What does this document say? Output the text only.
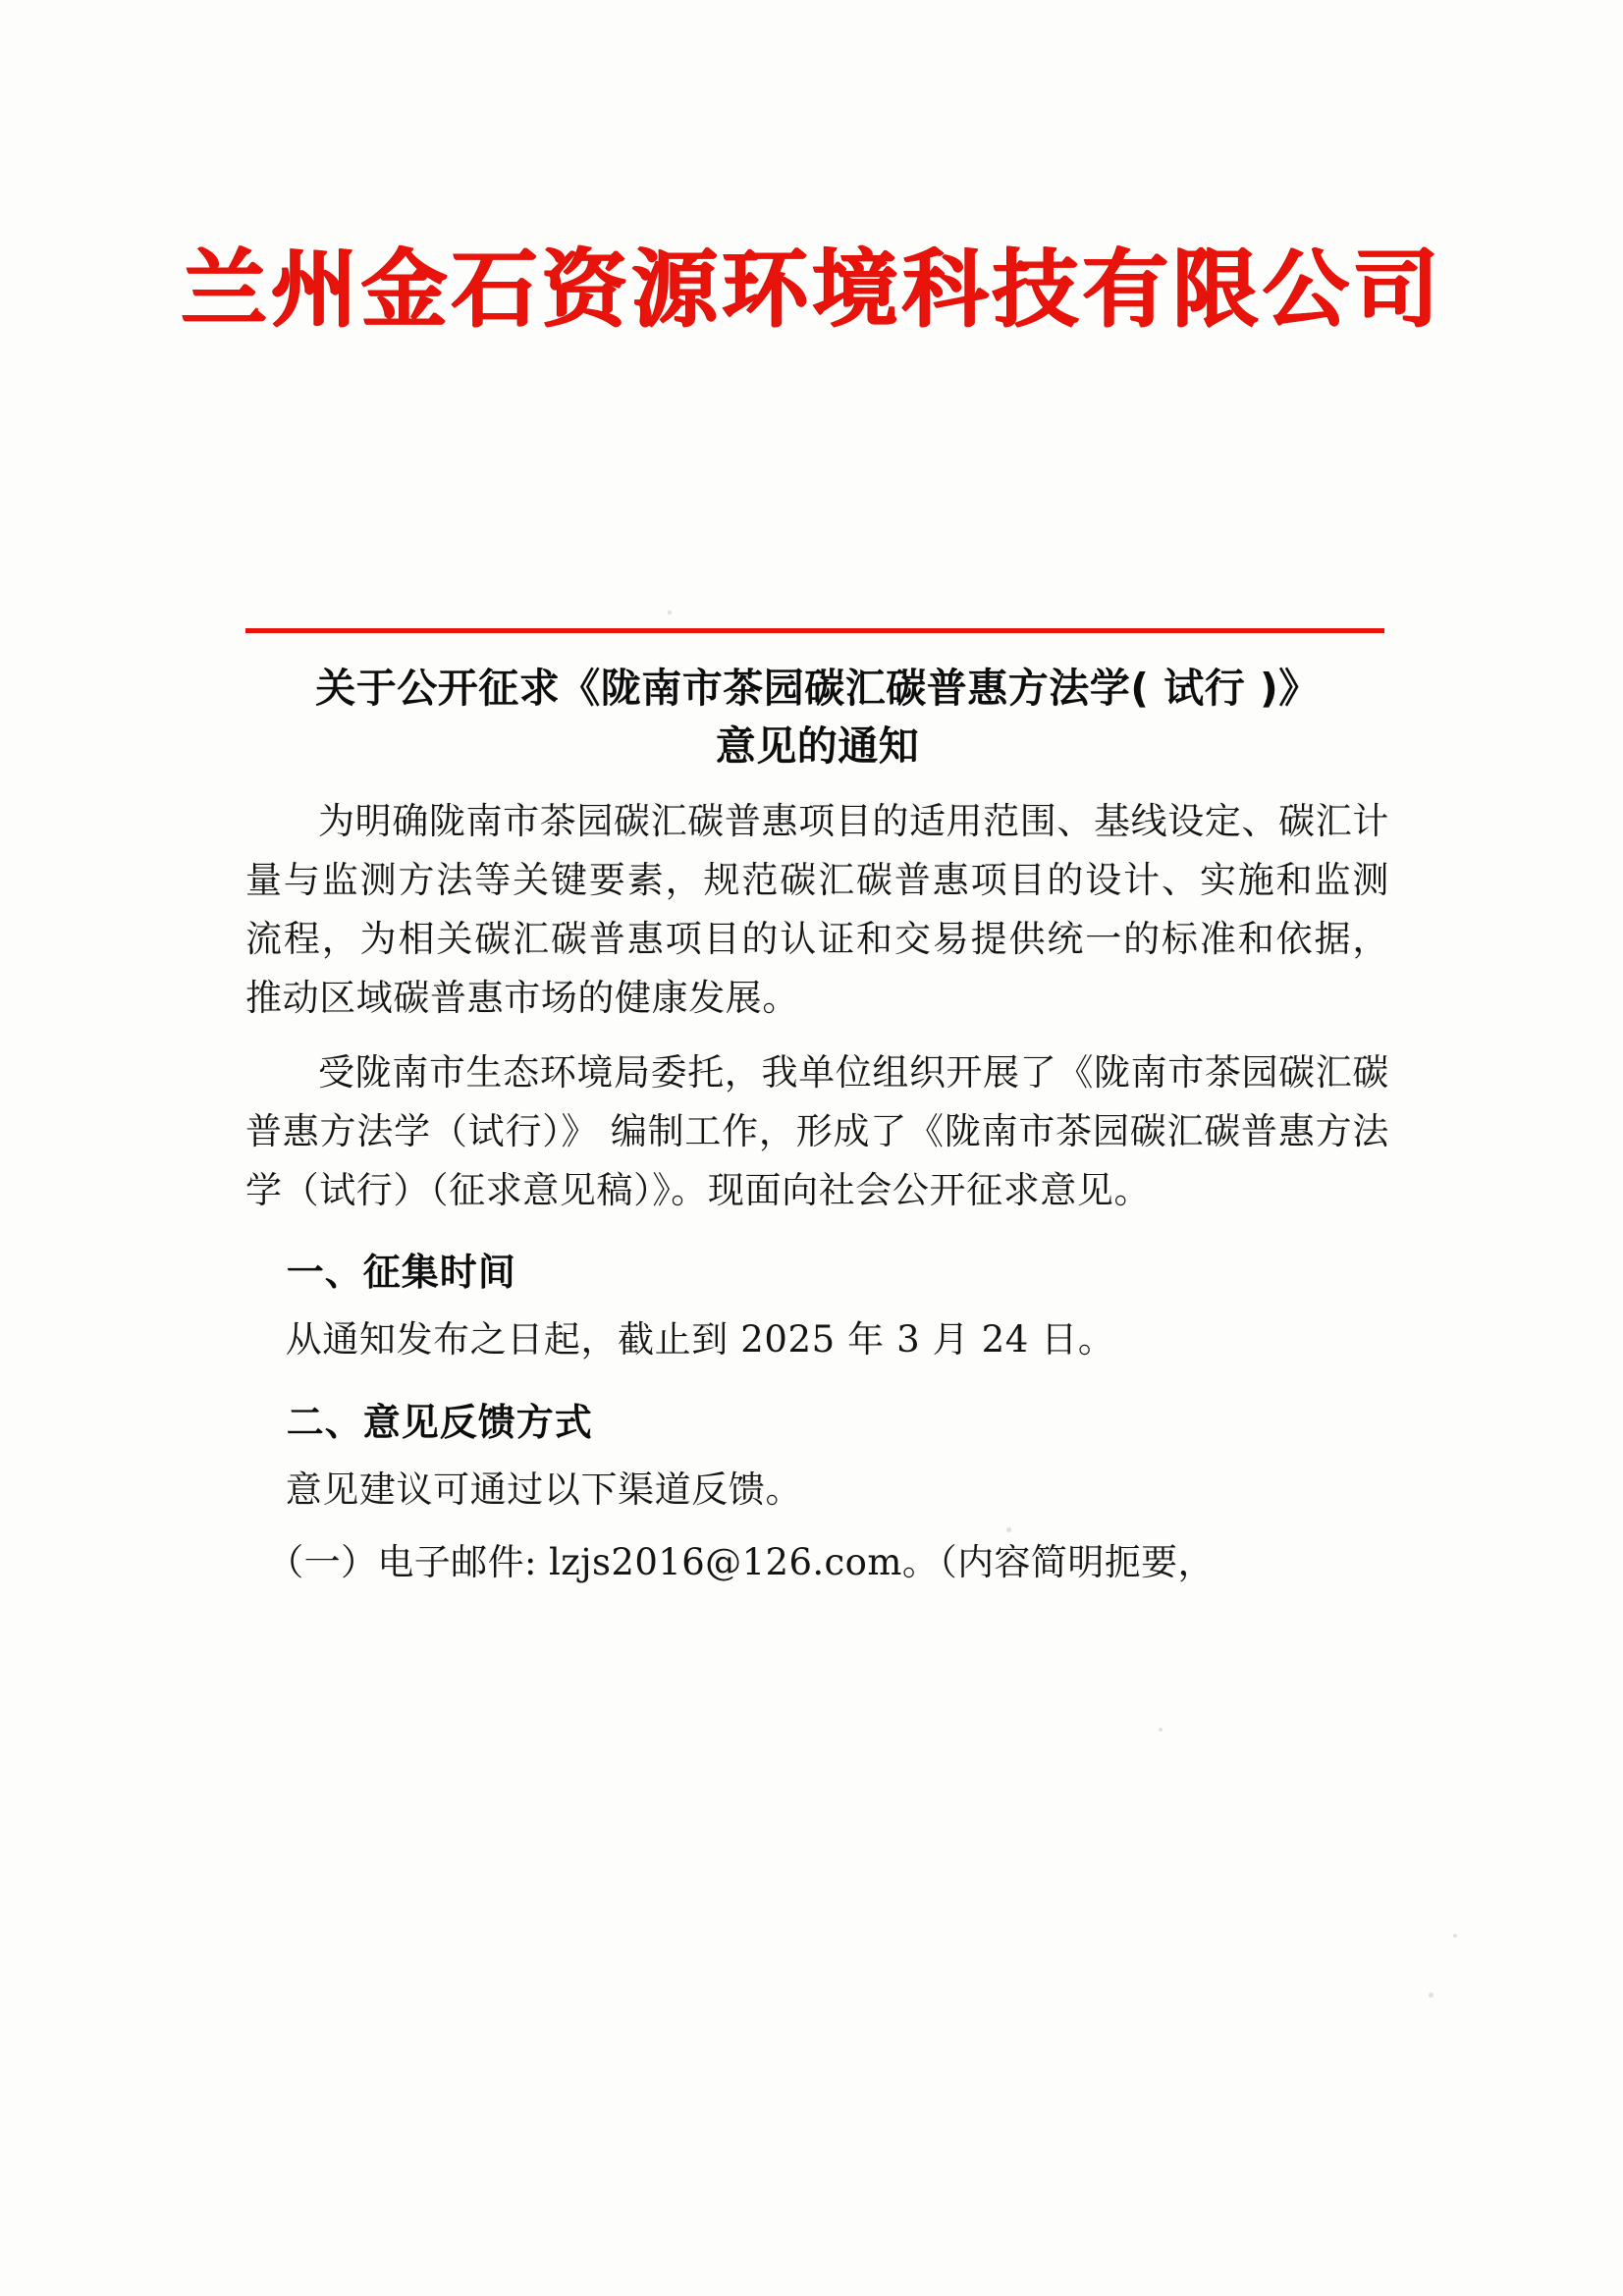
兰州金石资源环境科技有限公司
关于公开征求《陇南市茶园碳汇碳普惠方法学( 试行 )》
意见的通知

为明确陇南市茶园碳汇碳普惠项目的适用范围、基线设定、碳汇计量与监测方法等关键要素，规范碳汇碳普惠项目的设计、实施和监测流程，为相关碳汇碳普惠项目的认证和交易提供统一的标准和依据，推动区域碳普惠市场的健康发展。

受陇南市生态环境局委托，我单位组织开展了《陇南市茶园碳汇碳普惠方法学（试行）》 编制工作，形成了《陇南市茶园碳汇碳普惠方法学（试行）（征求意见稿）》。现面向社会公开征求意见。

一、征集时间

从通知发布之日起，截止到 2025 年 3 月 24 日。

二、意见反馈方式

意见建议可通过以下渠道反馈。

（一）电子邮件: lzjs2016@126.com。（内容简明扼要，
